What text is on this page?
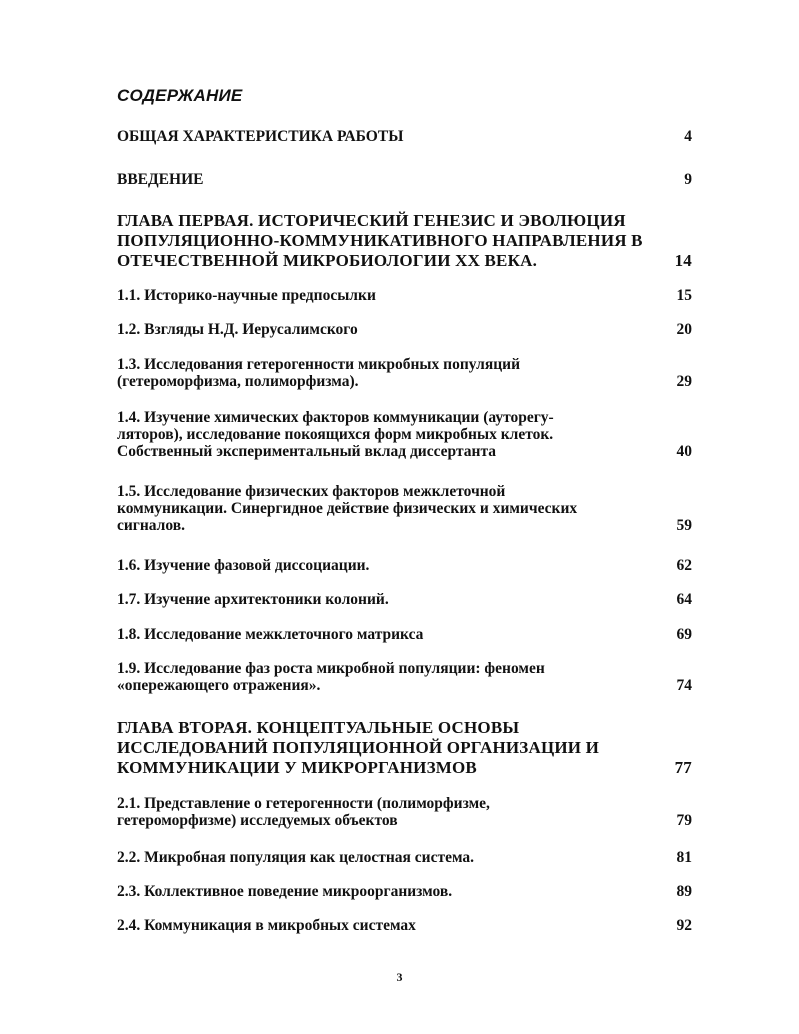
СОДЕРЖАНИЕ
ОБЩАЯ ХАРАКТЕРИСТИКА РАБОТЫ	4
ВВЕДЕНИЕ	9
ГЛАВА ПЕРВАЯ. ИСТОРИЧЕСКИЙ ГЕНЕЗИС И ЭВОЛЮЦИЯ
ПОПУЛЯЦИОННО-КОММУНИКАТИВНОГО НАПРАВЛЕНИЯ В
ОТЕЧЕСТВЕННОЙ МИКРОБИОЛОГИИ XX ВЕКА.	14
1.1. Историко-научные предпосылки	15
1.2. Взгляды Н.Д. Иерусалимского	20
1.3. Исследования гетерогенности микробных популяций
(гетероморфизма, полиморфизма).	29
1.4. Изучение химических факторов коммуникации (ауторегу-
ляторов), исследование покоящихся форм микробных клеток.
Собственный экспериментальный вклад диссертанта	40
1.5. Исследование физических факторов межклеточной
коммуникации. Синергидное действие физических и химических
сигналов.	59
1.6. Изучение фазовой диссоциации.	62
1.7. Изучение архитектоники колоний.	64
1.8. Исследование межклеточного матрикса	69
1.9. Исследование фаз роста микробной популяции: феномен
«опережающего отражения».	74
ГЛАВА ВТОРАЯ. КОНЦЕПТУАЛЬНЫЕ ОСНОВЫ
ИССЛЕДОВАНИЙ ПОПУЛЯЦИОННОЙ ОРГАНИЗАЦИИ И
КОММУНИКАЦИИ У МИКРОРГАНИЗМОВ	77
2.1. Представление о гетерогенности (полиморфизме,
гетероморфизме) исследуемых объектов	79
2.2. Микробная популяция как целостная система.	81
2.3. Коллективное поведение микроорганизмов.	89
2.4. Коммуникация в микробных системах	92
3
